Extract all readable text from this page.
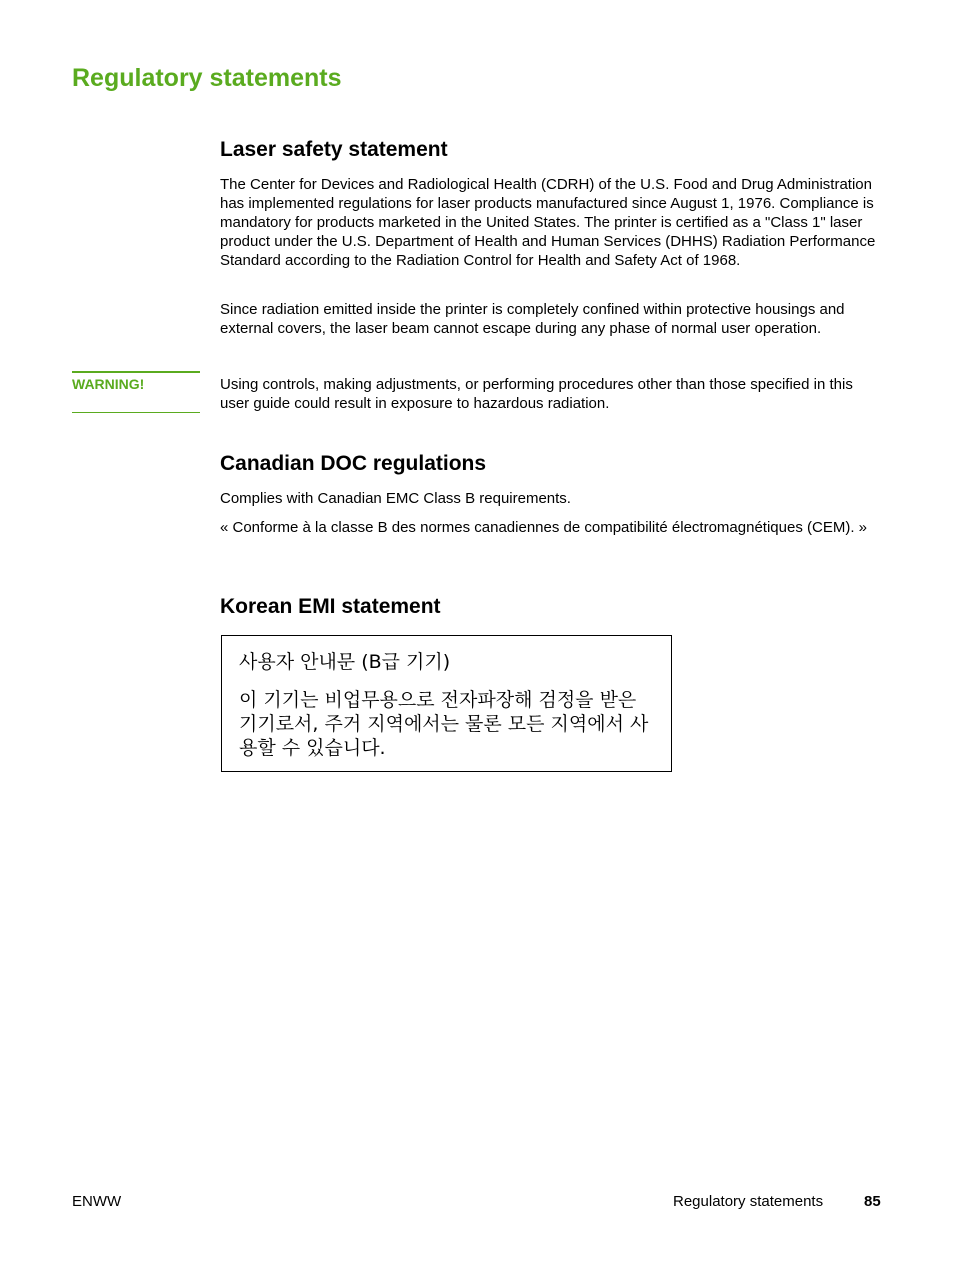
Regulatory statements
Laser safety statement

The Center for Devices and Radiological Health (CDRH) of the U.S. Food and Drug Administration has implemented regulations for laser products manufactured since August 1, 1976. Compliance is mandatory for products marketed in the United States. The printer is certified as a "Class 1" laser product under the U.S. Department of Health and Human Services (DHHS) Radiation Performance Standard according to the Radiation Control for Health and Safety Act of 1968.

Since radiation emitted inside the printer is completely confined within protective housings and external covers, the laser beam cannot escape during any phase of normal user operation.

WARNING!	Using controls, making adjustments, or performing procedures other than those specified in this user guide could result in exposure to hazardous radiation.

Canadian DOC regulations

Complies with Canadian EMC Class B requirements.

« Conforme à la classe B des normes canadiennes de compatibilité électromagnétiques (CEM). »

Korean EMI statement

사용자 안내문 (B급 기기)

이 기기는 비업무용으로 전자파장해 검정을 받은 기기로서, 주거 지역에서는 물론 모든 지역에서 사용할 수 있습니다.

ENWW	Regulatory statements	85
